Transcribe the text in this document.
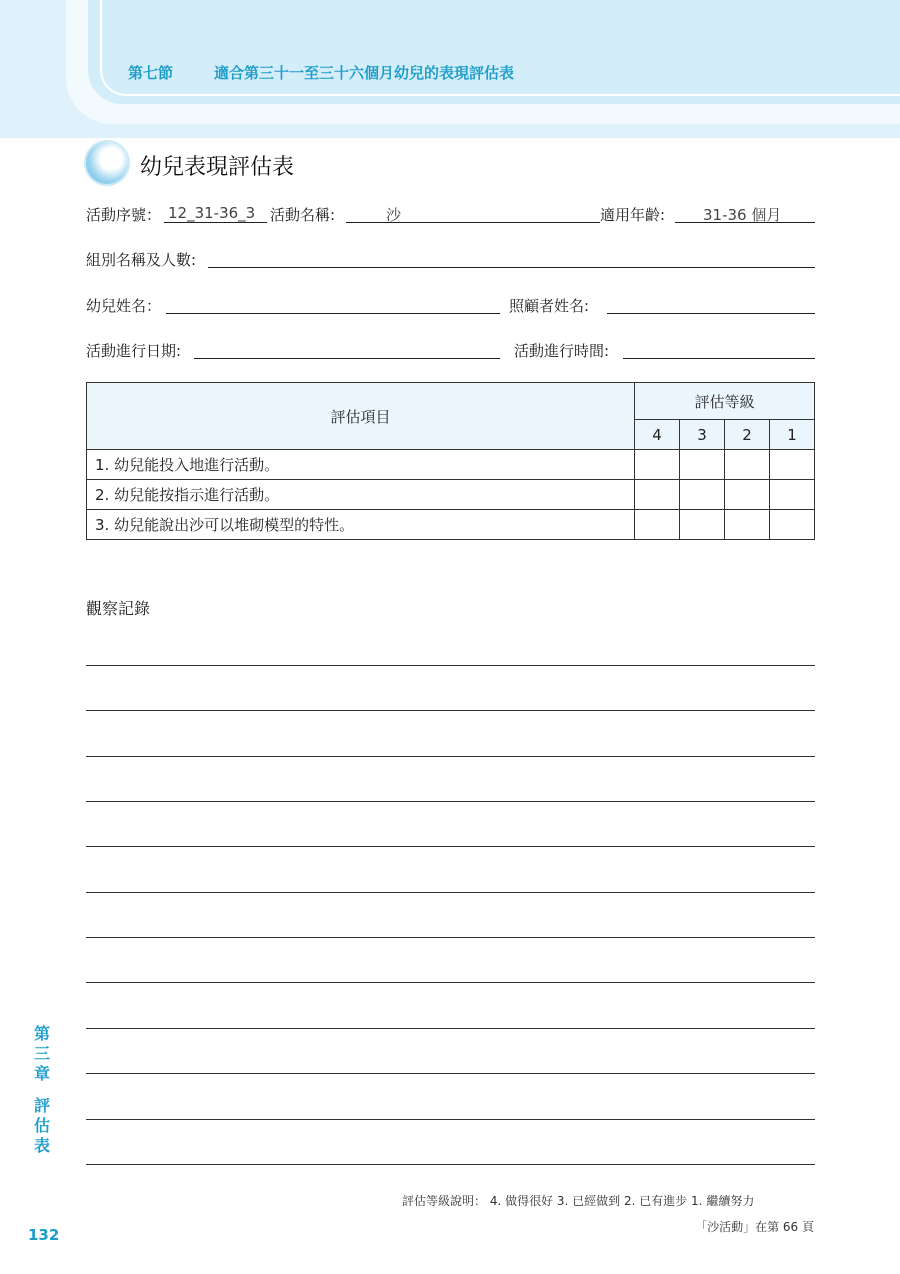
第七節	適合第三十一至三十六個月幼兒的表現評估表
幼兒表現評估表
活動序號： 12_31-36_3 活動名稱:	沙	適用年齡:	31-36 個月
組別名稱及人數:
幼兒姓名：	照顧者姓名:
活動進行日期:	活動進行時間:
評估項目	評估等級			
	4	3	2	1
1. 幼兒能投入地進行活動。				
2. 幼兒能按指示進行活動。				
3. 幼兒能說出沙可以堆砌模型的特性。				
觀察記錄
第
三
章
評
估
表
132
評估等級說明： 4. 做得很好 3. 已經做到 2. 已有進步 1. 繼續努力
「沙活動」在第 66 頁
